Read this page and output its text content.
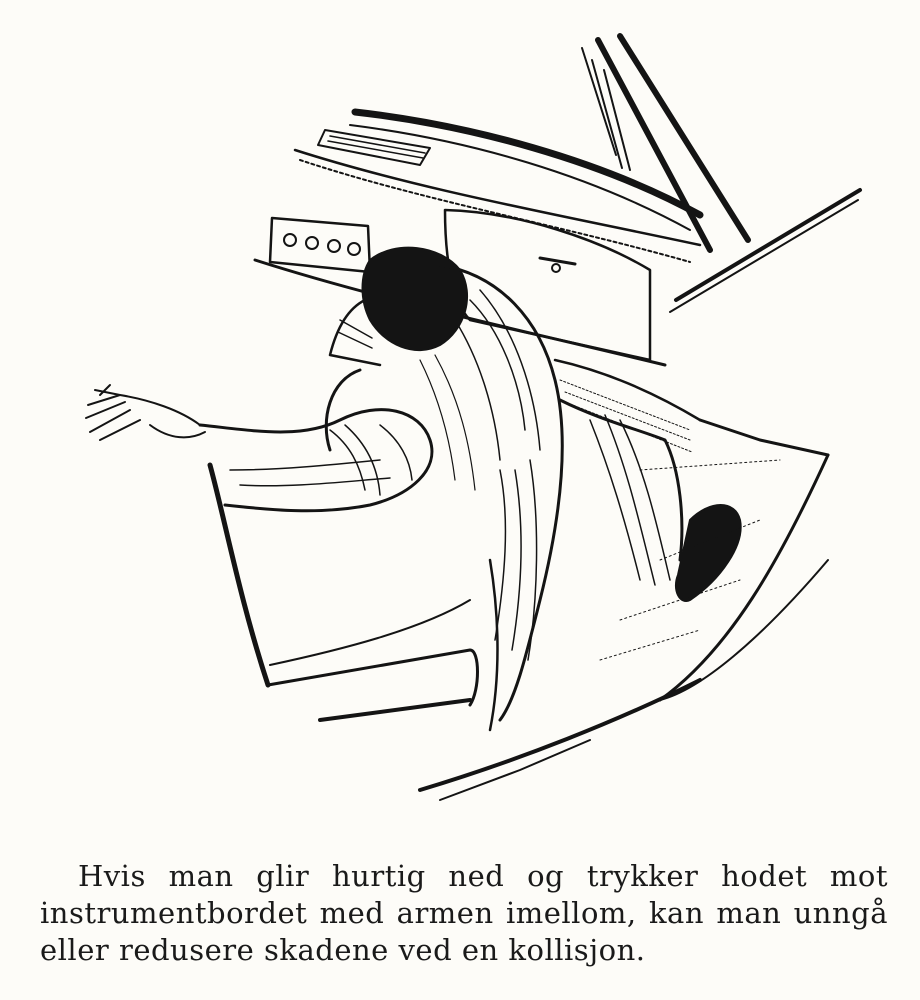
Hvis man glir hurtig ned og trykker hodet mot
instrumentbordet med armen imellom, kan man unngå
eller redusere skadene ved en kollisjon.
